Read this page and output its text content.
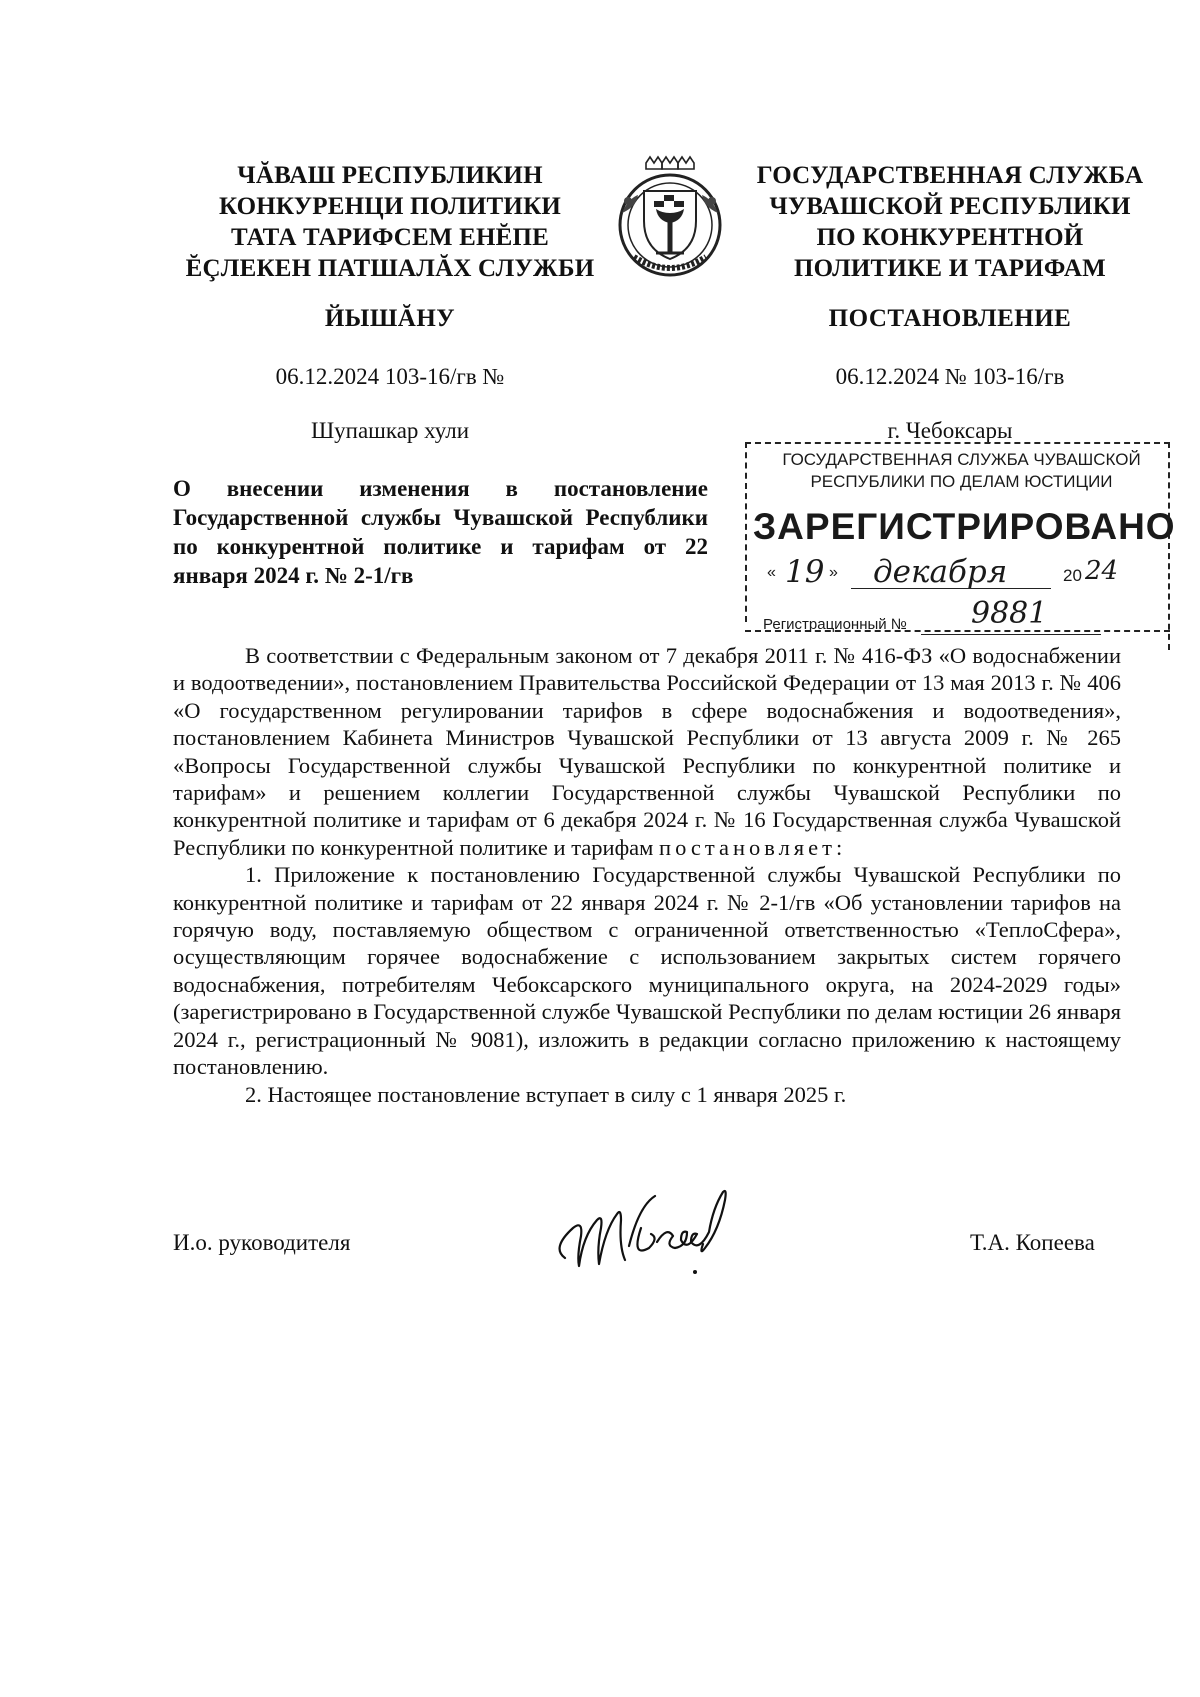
ЧĂВАШ РЕСПУБЛИКИН
КОНКУРЕНЦИ ПОЛИТИКИ
ТАТА ТАРИФСЕМ ЕНĔПЕ
ĔÇЛЕКЕН ПАТШАЛĂХ СЛУЖБИ
ГОСУДАРСТВЕННАЯ СЛУЖБА
ЧУВАШСКОЙ РЕСПУБЛИКИ
ПО КОНКУРЕНТНОЙ
ПОЛИТИКЕ И ТАРИФАМ
ЙЫШĂНУ	ПОСТАНОВЛЕНИЕ
06.12.2024 103-16/гв №	06.12.2024 № 103-16/гв
Шупашкар хули	г. Чебоксары
О внесении изменения в постановление Государственной службы Чувашской Республики по конкурентной политике и тарифам от 22 января 2024 г. № 2-1/гв
ГОСУДАРСТВЕННАЯ СЛУЖБА ЧУВАШСКОЙ
РЕСПУБЛИКИ ПО ДЕЛАМ ЮСТИЦИИ
ЗАРЕГИСТРИРОВАНО
« 19 » декабря	20 24
Регистрационный № 9881

В соответствии с Федеральным законом от 7 декабря 2011 г. № 416-ФЗ «О водоснабжении и водоотведении», постановлением Правительства Российской Федерации от 13 мая 2013 г. № 406 «О государственном регулировании тарифов в сфере водоснабжения и водоотведения», постановлением Кабинета Министров Чувашской Республики от 13 августа 2009 г. № 265 «Вопросы Государственной службы Чувашской Республики по конкурентной политике и тарифам» и решением коллегии Государственной службы Чувашской Республики по конкурентной политике и тарифам от 6 декабря 2024 г. № 16 Государственная служба Чувашской Республики по конкурентной политике и тарифам постановляет:

1. Приложение к постановлению Государственной службы Чувашской Республики по конкурентной политике и тарифам от 22 января 2024 г. № 2-1/гв «Об установлении тарифов на горячую воду, поставляемую обществом с ограниченной ответственностью «ТеплоСфера», осуществляющим горячее водоснабжение с использованием закрытых систем горячего водоснабжения, потребителям Чебоксарского муниципального округа, на 2024-2029 годы» (зарегистрировано в Государственной службе Чувашской Республики по делам юстиции 26 января 2024 г., регистрационный № 9081), изложить в редакции согласно приложению к настоящему постановлению.

2. Настоящее постановление вступает в силу с 1 января 2025 г.

И.о. руководителя	Т.А. Копеева
